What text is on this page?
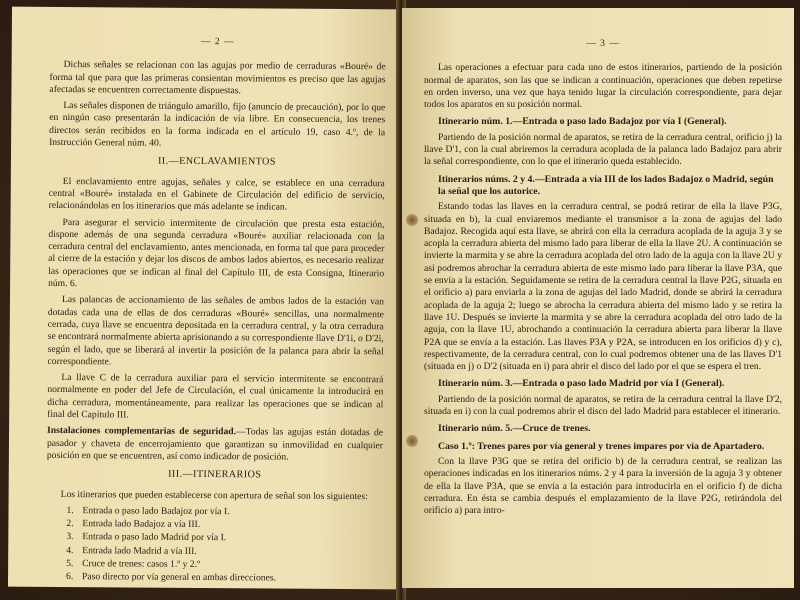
— 2 —

Dichas señales se relacionan con las agujas por medio de cerraduras «Bouré» de forma tal que para que las primeras consientan movimientos es preciso que las agujas afectadas se encuentren correctamente dispuestas.

Las señales disponen de triángulo amarillo, fijo (anuncio de precaución), por lo que en ningún caso presentarán la indicación de vía libre. En consecuencia, los trenes directos serán recibidos en la forma indicada en el artículo 19, caso 4.º, de la Instrucción General núm. 40.

II.—ENCLAVAMIENTOS

El enclavamiento entre agujas, señales y calce, se establece en una cerradura central «Bouré» instalada en el Gabinete de Circulación del edificio de servicio, relacionándolas en los itinerarios que más adelante se indican.

Para asegurar el servicio intermitente de circulación que presta esta estación, dispone además de una segunda cerradura «Bouré» auxiliar relacionada con la cerradura central del enclavamiento, antes mencionada, en forma tal que para proceder al cierre de la estación y dejar los discos de ambos lados abiertos, es necesario realizar las operaciones que se indican al final del Capítulo III, de esta Consigna, Itinerario núm. 6.

Las palancas de accionamiento de las señales de ambos lados de la estación van dotadas cada una de ellas de dos cerraduras «Bouré» sencillas, una normalmente cerrada, cuya llave se encuentra depositada en la cerradura central, y la otra cerradura se encontrará normalmente abierta aprisionando a su correspondiente llave D'1i, o D'2i, según el lado, que se liberará al invertir la posición de la palanca para abrir la señal correspondiente.

La llave C de la cerradura auxiliar para el servicio intermitente se encontrará normalmente en poder del Jefe de Circulación, el cual únicamente la introducirá en dicha cerradura, momentáneamente, para realizar las operaciones que se indican al final del Capítulo III.

Instalaciones complementarias de seguridad.—Todas las agujas están dotadas de pasador y chaveta de encerrojamiento que garantizan su inmovilidad en cualquier posición en que se encuentren, así como indicador de posición.

III.—ITINERARIOS

Los itinerarios que pueden establecerse con apertura de señal son los siguientes:

1. Entrada o paso lado Badajoz por vía I.
2. Entrada lado Badajoz a vía III.
3. Entrada o paso lado Madrid por vía I.
4. Entrada lado Madrid a vía III.
5. Cruce de trenes: casos 1.º y 2.º
6. Paso directo por vía general en ambas direcciones.
— 3 —

Las operaciones a efectuar para cada uno de estos itinerarios, partiendo de la posición normal de aparatos, son las que se indican a continuación, operaciones que deben repetirse en orden inverso, una vez que haya tenido lugar la circulación correspondiente, para dejar todos los aparatos en su posición normal.

Itinerario núm. 1.—Entrada o paso lado Badajoz por vía I (General).

Partiendo de la posición normal de aparatos, se retira de la cerradura central, orificio j) la llave D'1, con la cual abriremos la cerradura acoplada de la palanca lado Badajoz para abrir la señal correspondiente, con lo que el itinerario queda establecido.

Itinerarios núms. 2 y 4.—Entrada a vía III de los lados Badajoz o Madrid, según la señal que los autorice.

Estando todas las llaves en la cerradura central, se podrá retirar de ella la llave P3G, situada en b), la cual enviaremos mediante el transmisor a la zona de agujas del lado Badajoz. Recogida aquí esta llave, se abrirá con ella la cerradura acoplada de la aguja 3 y se acopla la cerradura abierta del mismo lado para liberar de ella la llave 2U. A continuación se invierte la marmita y se abre la cerradura acoplada del otro lado de la aguja con la llave 2U y así podremos abrochar la cerradura abierta de este mismo lado para liberar la llave P3A, que se envía a la estación. Seguidamente se retira de la cerradura central la llave P2G, situada en el orificio a) para enviarla a la zona de agujas del lado Madrid, donde se abrirá la cerradura acoplada de la aguja 2; luego se abrocha la cerradura abierta del mismo lado y se retira la llave 1U. Después se invierte la marmita y se abre la cerradura acoplada del otro lado de la aguja, con la llave 1U, abrochando a continuación la cerradura abierta para liberar la llave P2A que se envía a la estación. Las llaves P3A y P2A, se introducen en los orificios d) y c), respectivamente, de la cerradura central, con lo cual podremos obtener una de las llaves D'1 (situada en j) o D'2 (situada en i) para abrir el disco del lado por el que se espera el tren.

Itinerario núm. 3.—Entrada o paso lado Madrid por vía I (General).

Partiendo de la posición normal de aparatos, se retira de la cerradura central la llave D'2, situada en i) con la cual podremos abrir el disco del lado Madrid para establecer el itinerario.

Itinerario núm. 5.—Cruce de trenes.
Caso 1.º: Trenes pares por vía general y trenes impares por vía de Apartadero.

Con la llave P3G que se retira del orificio b) de la cerradura central, se realizan las operaciones indicadas en los itinerarios núms. 2 y 4 para la inversión de la aguja 3 y obtener de ella la llave P3A, que se envía a la estación para introducirla en el orificio f) de dicha cerradura. En ésta se cambia después el emplazamiento de la llave P2G, retirándola del orificio a) para intro-
